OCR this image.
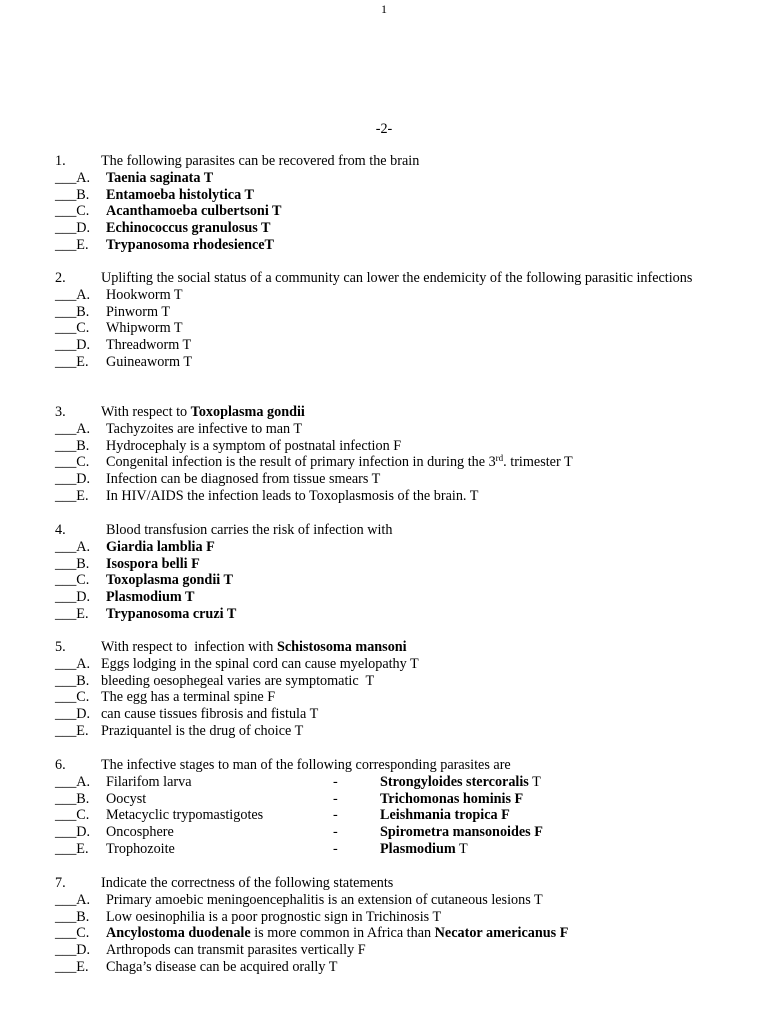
1
-2-
1. The following parasites can be recovered from the brain
___A. Taenia saginata T
___B. Entamoeba histolytica T
___C. Acanthamoeba culbertsoni T
___D. Echinococcus granulosus T
___E. Trypanosoma rhodesienceT
2. Uplifting the social status of a community can lower the endemicity of the following parasitic infections
___A. Hookworm T
___B. Pinworm T
___C. Whipworm T
___D. Threadworm T
___E. Guineaworm T
3. With respect to Toxoplasma gondii
___A. Tachyzoites are infective to man T
___B. Hydrocephaly is a symptom of postnatal infection F
___C. Congenital infection is the result of primary infection in during the 3rd. trimester T
___D. Infection can be diagnosed from tissue smears T
___E. In HIV/AIDS the infection leads to Toxoplasmosis of the brain. T
4.	Blood transfusion carries the risk of infection with
___A. Giardia lamblia F
___B. Isospora belli F
___C. Toxoplasma gondii T
___D. Plasmodium T
___E. Trypanosoma cruzi T
5. With respect to  infection with Schistosoma mansoni
___A. Eggs lodging in the spinal cord can cause myelopathy T
___B. bleeding oesophegeal varies are symptomatic  T
___C. The egg has a terminal spine F
___D. can cause tissues fibrosis and fistula T
___E. Praziquantel is the drug of choice T
6. The infective stages to man of the following corresponding parasites are
___A. Filarifom larva	-	Strongyloides stercoralis T
___B. Oocyst	-	Trichomonas hominis F
___C. Metacyclic trypomastigotes	-	Leishmania tropica F
___D. Oncosphere	-	Spirometra mansonoides F
___E. Trophozoite	-	Plasmodium T
7. Indicate the correctness of the following statements
___A. Primary amoebic meningoencephalitis is an extension of cutaneous lesions T
___B. Low oesinophilia is a poor prognostic sign in Trichinosis T
___C. Ancylostoma duodenale is more common in Africa than Necator americanus F
___D. Arthropods can transmit parasites vertically F
___E. Chaga’s disease can be acquired orally T
